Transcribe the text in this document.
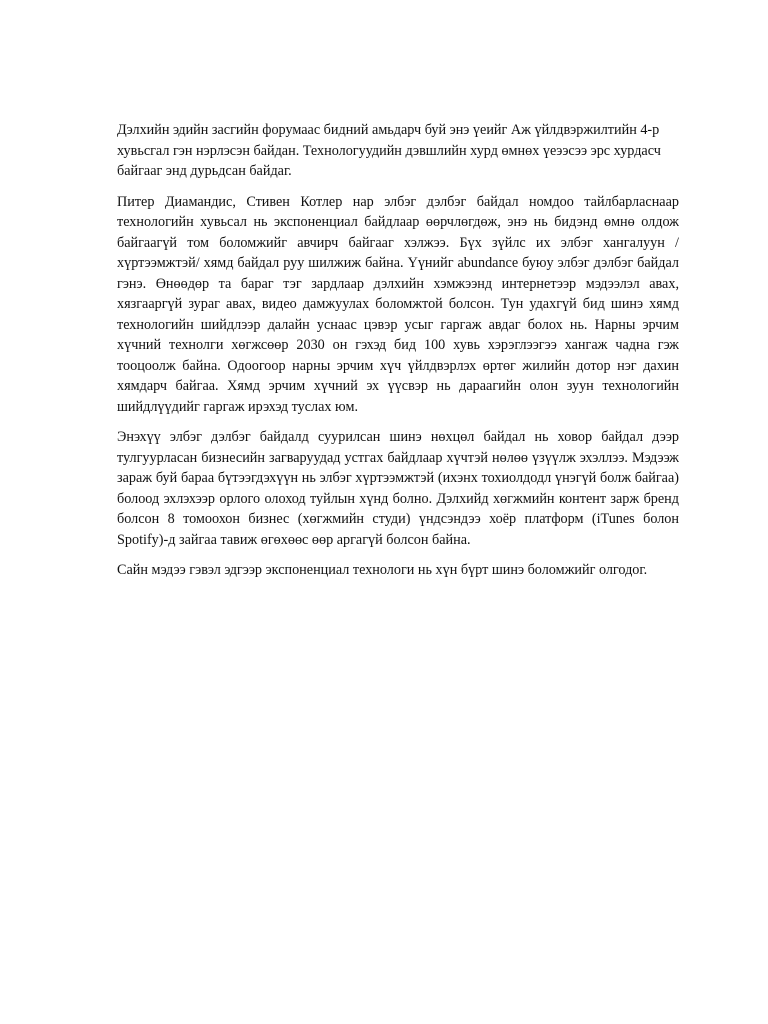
Дэлхийн эдийн засгийн форумаас бидний амьдарч буй энэ үеийг Аж үйлдвэржилтийн 4-р хувьсгал гэн нэрлэсэн байдан. Технологуудийн дэвшлийн хурд өмнөх үеээсээ эрс хурдасч байгааг энд дурьдсан байдаг.

Питер Диамандис, Стивен Котлер нар элбэг дэлбэг байдал номдоо тайлбарласнаар технологийн хувьсал нь экспоненциал байдлаар өөрчлөгдөж, энэ нь бидэнд өмнө олдож байгаагүй том боломжийг авчирч байгааг хэлжээ. Бүх зүйлс их элбэг хангалуун / хүртээмжтэй/ хямд байдал руу шилжиж байна. Үүнийг abundance буюу элбэг дэлбэг байдал гэнэ. Өнөөдөр та бараг тэг зардлаар дэлхийн хэмжээнд интернетээр мэдээлэл авах, хязгааргүй зураг авах, видео дамжуулах боломжтой болсон. Тун удахгүй бид шинэ хямд технологийн шийдлээр далайн уснаас цэвэр усыг гаргаж авдаг болох нь. Нарны эрчим хүчний технолги хөгжсөөр 2030 он гэхэд бид 100 хувь хэрэглээгээ хангаж чадна гэж тооцоолж байна. Одоогоор нарны эрчим хүч үйлдвэрлэх өртөг жилийн дотор нэг дахин хямдарч байгаа. Хямд эрчим хүчний эх үүсвэр нь дараагийн олон зуун технологийн шийдлүүдийг гаргаж ирэхэд туслах юм.

Энэхүү элбэг дэлбэг байдалд суурилсан шинэ нөхцөл байдал нь ховор байдал дээр тулгуурласан бизнесийн загваруудад устгах байдлаар хүчтэй нөлөө үзүүлж эхэллээ. Мэдээж зараж буй бараа бүтээгдэхүүн нь элбэг хүртээмжтэй (ихэнх тохиолдодл үнэгүй болж байгаа) болоод эхлэхээр орлого олоход туйлын хүнд болно. Дэлхийд хөгжмийн контент зарж бренд болсон 8 томоохон бизнес (хөгжмийн студи) үндсэндээ хоёр платформ (iTunes болон Spotify)-д зайгаа тавиж өгөхөөс өөр аргагүй болсон байна.

Сайн мэдээ гэвэл эдгээр экспоненциал технологи нь хүн бүрт шинэ боломжийг олгодог.
